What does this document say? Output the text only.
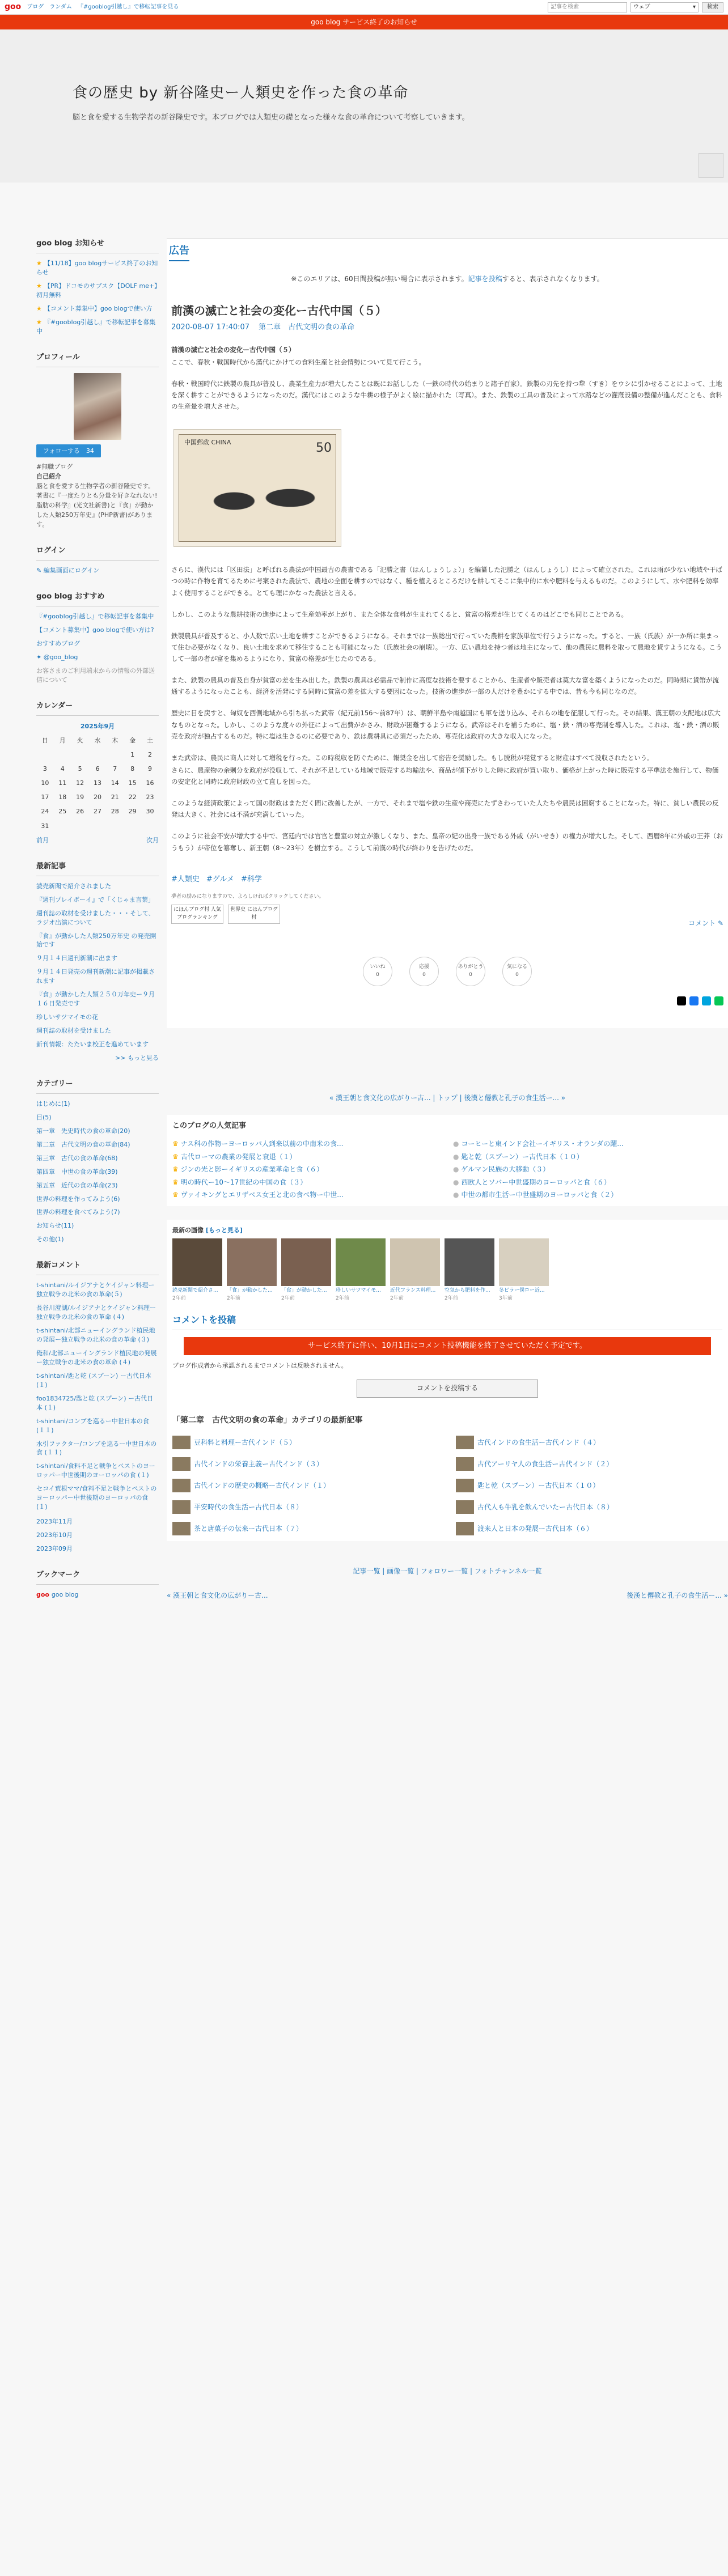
goo ブログ ランダム 『#gooblog引越し』で移転記事を見る
記事を検索	ウェブ	▾	検索
goo blog サービス終了のお知らせ
食の歴史 by 新谷隆史ー人類史を作った食の革命
脳と食を愛する生物学者の新谷隆史です。本ブログでは人類史の礎となった様々な食の革命について考察していきます。
goo blog お知らせ
★ 【11/18】goo blogサービス終了のお知らせ
★ 【PR】ドコモのサブスク【DOLF me+】初月無料
★ 【コメント募集中】goo blogで使い方
★ 『#gooblog引越し』で移転記事を募集中
プロフィール
フォローする　 34
#無職ブログ
自己紹介
脳と食を愛する生物学者の新谷隆史です。著書に『一度たりとも分量を好きなれない! 脂肪の科学』(光文社新書)と『食』が動かした人類250万年史』(PHP新書)があります。
ログイン
✎ 編集画面にログイン
goo blog おすすめ
『#gooblog引越し』で移転記事を募集中
【コメント募集中】goo blogで使い方は?
おすすめブログ
✦ @goo_blog
お客さまのご利用端末からの情報の外部送信について
カレンダー
2025年9月
日	月	火	水	木	金	土
					1	2
3	4	5	6	7	8	9
10	11	12	13	14	15	16
17	18	19	20	21	22	23
24	25	26	27	28	29	30
31						
前月	次月
最新記事
読売新聞で紹介されました
『週刊プレイボーイ』で「くじゃま言葉」
週刊誌の取材を受けました・・・そして、ラジオ出演について
『食』が動かした人類250万年史 の発売開始です
９月１４日週刊新潮に出ます
９月１４日発売の週刊新潮に記事が掲載されます
『食』が動かした人類２５０万年史ー９月１６日発売です
珍しいサツマイモの花
週刊誌の取材を受けました
新刊情報：たたいま校正を進めています
>> もっと見る
カテゴリー
はじめに(1)
目(5)
第一章　先史時代の食の革命(20)
第二章　古代文明の食の革命(84)
第三章　古代の食の革命(68)
第四章　中世の食の革命(39)
第五章　近代の食の革命(23)
世界の料理を作ってみよう(6)
世界の料理を食べてみよう(7)
お知らせ(11)
その他(1)
最新コメント
t-shintani/ルイジアナとケイジャン料理ー独立戦争の北米の食の革命(５)
長谷川澄湖/ルイジアナとケイジャン料理ー独立戦争の北米の食の革命 (４)
t-shintani/北部ニューイングランド植民地の発展ー独立戦争の北米の食の革命 (３)
俺和/北部ニューイングランド植民地の発展ー独立戦争の北米の食の革命 (４)
t-shintani/匙と乾 (スプーン) ー古代日本 (１)
foo1834725/匙と乾 (スプーン) ー古代日本 (１)
t-shintani/コンブを巡るー中世日本の食 (１１)
水引ファクター/コンブを巡るー中世日本の食 (１１)
t-shintani/食料不足と戦争とペストのヨーロッパー中世後期のヨーロッパの食 (１)
セコイ荒根ママ/食料不足と戦争とペストのヨーロッパー中世後期のヨーロッパの食 (１)
2023年11月
2023年10月
2023年09月
ブックマーク
goo goo blog
広告

※このエリアは、60日間投稿が無い場合に表示されます。記事を投稿すると、表示されなくなります。

前漢の滅亡と社会の変化ー古代中国（５）
2020-08-07 17:40:07 第二章　古代文明の食の革命

前漢の滅亡と社会の変化ー古代中国（５）

ここで、春秋・戦国時代から漢代にかけての食料生産と社会情勢について見て行こう。

春秋・戦国時代に鉄製の農具が普及し、農業生産力が増大したことは既にお話しした（一鉄の時代の始まりと諸子百家）。鉄製の刃先を持つ犂（すき）をウシに引かせることによって、土地を深く耕すことができるようになったのだ。漢代にはこのような牛耕の様子がよく絵に描かれた（写真）。また、鉄製の工具の普及によって水路などの灌漑設備の整備が進んだことも、食料の生産量を増大させた。

中国郵政 CHINA	50

さらに、漢代には「区田法」と呼ばれる農法が中国最古の農書である「氾勝之書（はんしょうしょ）」を編纂した氾勝之（はんしょうし）によって確立された。これは雨が少ない地域や干ばつの時に作物を育てるために考案された農法で、農地の全面を耕すのではなく、種を植えるところだけを耕してそこに集中的に水や肥料を与えるものだ。このようにして、水や肥料を効率よく使用することができる。とても理にかなった農法と言える。

しかし、このような農耕技術の進歩によって生産効率が上がり、また全体な食料が生まれてくると、貧富の格差が生じてくるのはどこでも同じことである。

鉄製農具が普及すると、小人数で広い土地を耕すことができるようになる。それまでは一族総出で行っていた農耕を家族単位で行うようになった。すると、一族（氏族）が一か所に集まって住む必要がなくなり、良い土地を求めて移住することも可能になった（氏族社会の崩壊）。一方、広い農地を持つ者は地主になって、他の農民に農料を取って農地を貸すようになる。こうして一部の者が富を集めるようになり、貧富の格差が生じたのである。

また、鉄製の農具の普及自身が貧富の差を生み出した。鉄製の農具は必需品で制作に高度な技術を要することから、生産者や販売者は莫大な富を築くようになったのだ。同時期に貨幣が流通するようになったことも、経済を活発にする同時に貧富の差を拡大する要因になった。技術の進歩が一部の人だけを豊かにする中では、昔も今も同じなのだ。

歴史に目を戻すと、匈奴を西側地域から引ち払った武帝（紀元前156〜前87年）は、朝鮮半島や南越国にも軍を送り込み、それらの地を征服して行った。その結果、漢王朝の支配地は広大なものとなった。しかし、このような度々の外征によって出費がかさみ、財政が困難するようになる。武帝はそれを補うために、塩・鉄・酒の専売制を導入した。これは、塩・鉄・酒の販売を政府が独占するものだ。特に塩は生きるのに必要であり、鉄は農耕具に必須だったため、専売化は政府の大きな収入になった。

また武帝は、農民に商人に対して増税を行った。この時税収を防ぐために、報奨金を出して密告を奨励した。もし脱税が発覚すると財産はすべて没収されたという。

さらに、農産物の余剰分を政府が没収して、それが不足している地域で販売する均輸法や、商品が値下がりした時に政府が買い取り、価格が上がった時に販売する平準法を施行して、物価の安定化と同時に政府財政の立て直しを図った。

このような経済政策によって国の財政はまただく間に改善したが、一方で、それまで塩や鉄の生産や商売にたずさわっていた人たちや農民は困窮することになった。特に、貧しい農民の反発は大きく、社会には不満が充満していった。

このように社会不安が増大する中で、宮廷内では官官と豊室の対立が激しくなり、また、皇帝の妃の出身一族である外戚（がいせき）の権力が増大した。そして、西暦8年に外戚の王莽（おうもう）が帝位を簒奪し、新王朝（8〜23年）を樹立する。こうして前漢の時代が終わりを告げたのだ。

#人類史 #グルメ #科学
夢者の励みになりますので、よろしければクリックしてください。
にほんブログ村 人気ブログランキング
世界史 にほんブログ村
コメント ✎
いいね
0
応援
0
ありがとう
0
気になる
0
« 漢王朝と食文化の広がりー古... | トップ | 後漢と僊教と孔子の食生活ー... »
このブログの人気記事
♛ ナス科の作物ーヨーロッパ人到来以前の中南米の食...	● コーヒーと東インド会社ーイギリス・オランダの躍...
♛ 古代ローマの農業の発展と衰退（１）	● 匙と乾（スプーン）ー古代日本（１０）
♛ ジンの光と影ーイギリスの産業革命と食（６）	● ゲルマン民族の大移動（３）
♛ 明の時代ー10〜17世紀の中国の食（３）	● 西欧人とソバー中世盛期のヨーロッパと食（６）
♛ ヴァイキングとエリザベス女王と北の食べ物ー中世...	● 中世の都市生活ー中世盛期のヨーロッパと食（２）
最新の画像 [もっと見る]
読売新聞で紹介さ...
2年前
「食」が動かした...
2年前
「食」が動かした...
2年前
珍しいサツマイモ...
2年前
近代フランス料理...
2年前
空気から肥料を作...
2年前
冬ビラー僕ロー近...
3年前
コメントを投稿
サービス終了に伴い、10月1日にコメント投稿機能を終了させていただく予定です。
ブログ作成者から承認されるまでコメントは反映されません。
コメントを投稿する
「第二章　古代文明の食の革命」カテゴリの最新記事
豆科料と料理ー古代インド（５）	古代インドの食生活ー古代インド（４）
古代インドの栄養主義ー古代インド（３）	古代アーリヤ人の食生活ー古代インド（２）
古代インドの歴史の概略ー古代インド（１）	匙と乾（スプーン）ー古代日本（１０）
平安時代の食生活ー古代日本（８）	古代人も牛乳を飲んでいたー古代日本（８）
茶と唐菓子の伝来ー古代日本（７）	渡来人と日本の発展ー古代日本（６）
記事一覧 | 画像一覧 | フォロワー一覧 | フォトチャンネル一覧
« 漢王朝と食文化の広がりー古...	後漢と僊教と孔子の食生活ー... »
